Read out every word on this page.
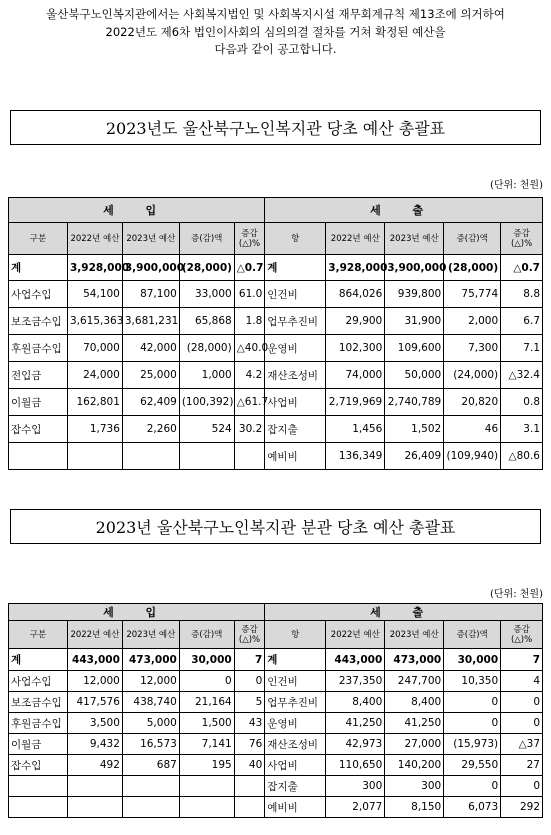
울산북구노인복지관에서는 사회복지법인 및 사회복지시설 재무회계규칙 제13조에 의거하여
2022년도 제6차 법인이사회의 심의의결 절차를 거쳐 확정된 예산을
다음과 같이 공고합니다.
2023년도 울산북구노인복지관 당초 예산 총괄표
(단위: 천원)
세 입					세 출				
구분	2022년 예산	2023년 예산	증(감)액	증감 (△)%	항	2022년 예산	2023년 예산	증(감)액	증감 (△)%
계	3,928,000	3,900,000	(28,000)	△0.7	계	3,928,000	3,900,000	(28,000)	△0.7
사업수입	54,100	87,100	33,000	61.0	인건비	864,026	939,800	75,774	8.8
보조금수입	3,615,363	3,681,231	65,868	1.8	업무추진비	29,900	31,900	2,000	6.7
후원금수입	70,000	42,000	(28,000)	△40.0	운영비	102,300	109,600	7,300	7.1
전입금	24,000	25,000	1,000	4.2	재산조성비	74,000	50,000	(24,000)	△32.4
이월금	162,801	62,409	(100,392)	△61.7	사업비	2,719,969	2,740,789	20,820	0.8
잡수입	1,736	2,260	524	30.2	잡지출	1,456	1,502	46	3.1
					예비비	136,349	26,409	(109,940)	△80.6
2023년 울산북구노인복지관 분관 당초 예산 총괄표
(단위: 천원)
세 입					세 출				
구분	2022년 예산	2023년 예산	증(감)액	증감 (△)%	항	2022년 예산	2023년 예산	증(감)액	증감 (△)%
계	443,000	473,000	30,000	7	계	443,000	473,000	30,000	7
사업수입	12,000	12,000	0	0	인건비	237,350	247,700	10,350	4
보조금수입	417,576	438,740	21,164	5	업무추진비	8,400	8,400	0	0
후원금수입	3,500	5,000	1,500	43	운영비	41,250	41,250	0	0
이월금	9,432	16,573	7,141	76	재산조성비	42,973	27,000	(15,973)	△37
잡수입	492	687	195	40	사업비	110,650	140,200	29,550	27
					잡지출	300	300	0	0
					예비비	2,077	8,150	6,073	292
